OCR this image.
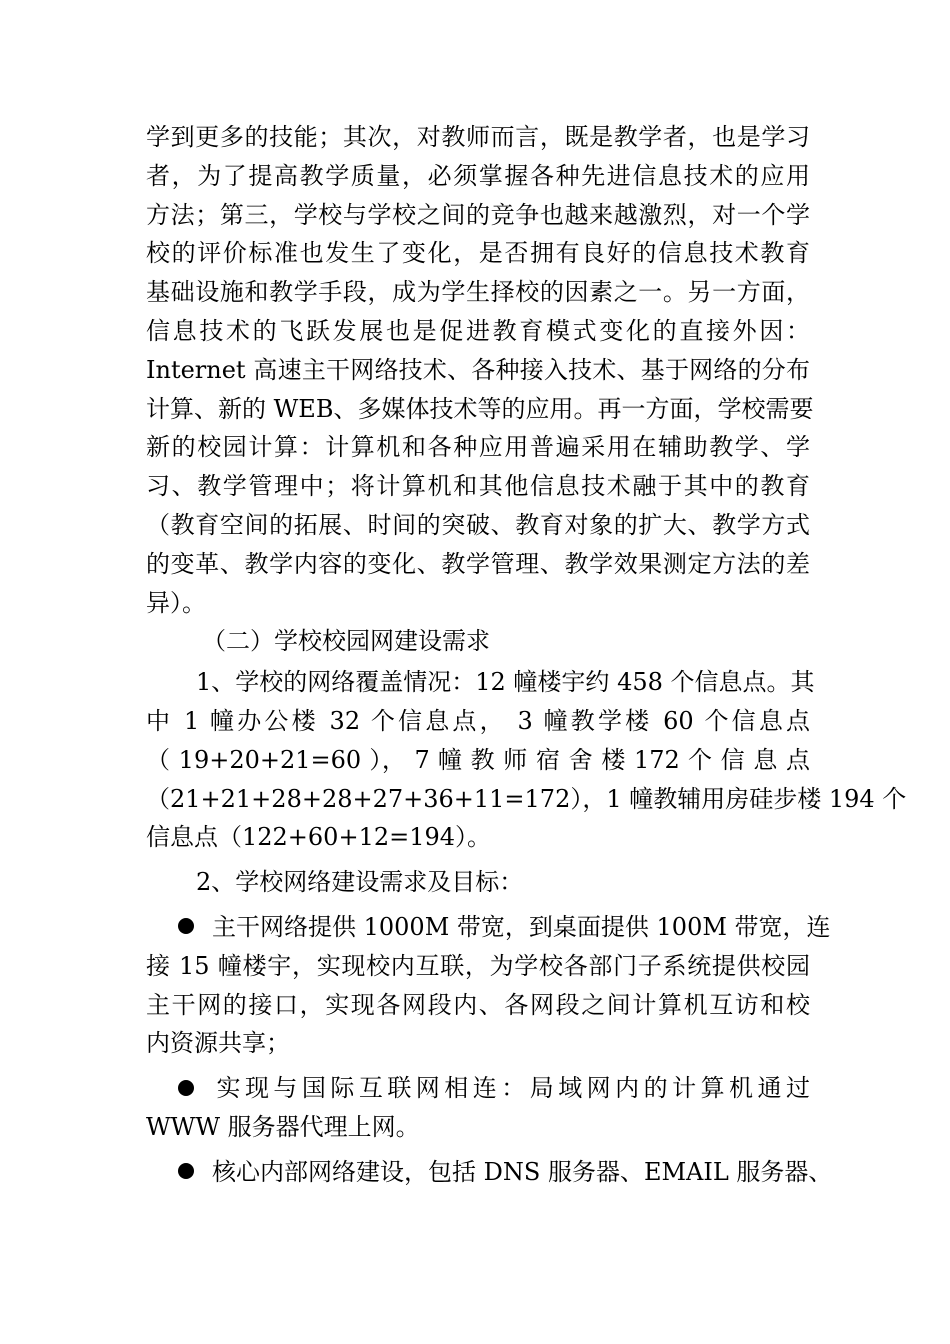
学到更多的技能；其次，对教师而言，既是教学者，也是学习
者，为了提高教学质量，必须掌握各种先进信息技术的应用
方法；第三，学校与学校之间的竞争也越来越激烈，对一个学
校的评价标准也发生了变化，是否拥有良好的信息技术教育
基础设施和教学手段，成为学生择校的因素之一。另一方面，
信息技术的飞跃发展也是促进教育模式变化的直接外因：
Internet 高速主干网络技术、各种接入技术、基于网络的分布
计算、新的 WEB、多媒体技术等的应用。再一方面，学校需要
新的校园计算：计算机和各种应用普遍采用在辅助教学、学
习、教学管理中；将计算机和其他信息技术融于其中的教育
（教育空间的拓展、时间的突破、教育对象的扩大、教学方式
的变革、教学内容的变化、教学管理、教学效果测定方法的差
异）。
（二）学校校园网建设需求
1、学校的网络覆盖情况：12 幢楼宇约 458 个信息点。其
中 1 幢办公楼 32 个信息点， 3 幢教学楼 60 个信息点
（ 19+20+21=60 ）， 7 幢 教 师 宿 舍 楼 172 个 信 息 点
（21+21+28+28+27+36+11=172），1 幢教辅用房硅步楼 194 个
信息点（122+60+12=194）。
2、学校网络建设需求及目标：
主干网络提供 1000M 带宽，到桌面提供 100M 带宽，连
接 15 幢楼宇，实现校内互联，为学校各部门子系统提供校园
主干网的接口，实现各网段内、各网段之间计算机互访和校
内资源共享；
实现与国际互联网相连：局域网内的计算机通过
WWW 服务器代理上网。
核心内部网络建设，包括 DNS 服务器、EMAIL 服务器、
